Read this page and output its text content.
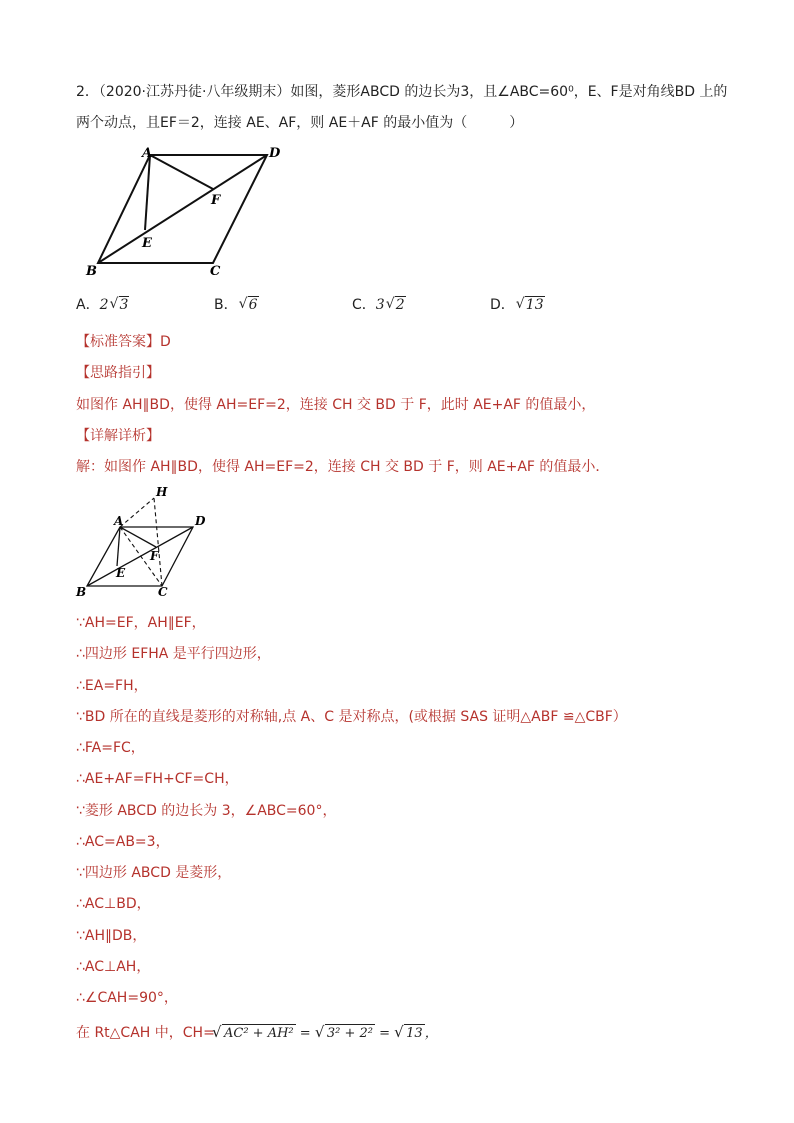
2．（2020·江苏丹徒·八年级期末）如图，菱形ABCD 的边长为3，且∠ABC=60⁰，E、F是对角线BD 上的
两个动点，且EF＝2，连接 AE、AF，则 AE＋AF 的最小值为（　　　）
A	D
F
E
B	C
A．2 √ 3	B． √ 6	C．3 √ 2	D． √ 13
【标准答案】D
【思路指引】
如图作 AH∥BD，使得 AH=EF=2，连接 CH 交 BD 于 F，此时 AE+AF 的值最小，
【详解详析】
解：如图作 AH∥BD，使得 AH=EF=2，连接 CH 交 BD 于 F，则 AE+AF 的值最小．
H
A	D
F
E
B	C
∵AH=EF，AH∥EF，
∴四边形 EFHA 是平行四边形，
∴EA=FH，
∵BD 所在的直线是菱形的对称轴,点 A、C 是对称点，(或根据 SAS 证明△ABF ≌△CBF）
∴FA=FC，
∴AE+AF=FH+CF=CH，
∵菱形 ABCD 的边长为 3，∠ABC=60°，
∴AC=AB=3，
∵四边形 ABCD 是菱形，
∴AC⊥BD，
∵AH∥DB，
∴AC⊥AH，
∴∠CAH=90°，
在 Rt△CAH 中，CH= √ AC² + AH² = √ 3² + 2² = √ 13 ，
